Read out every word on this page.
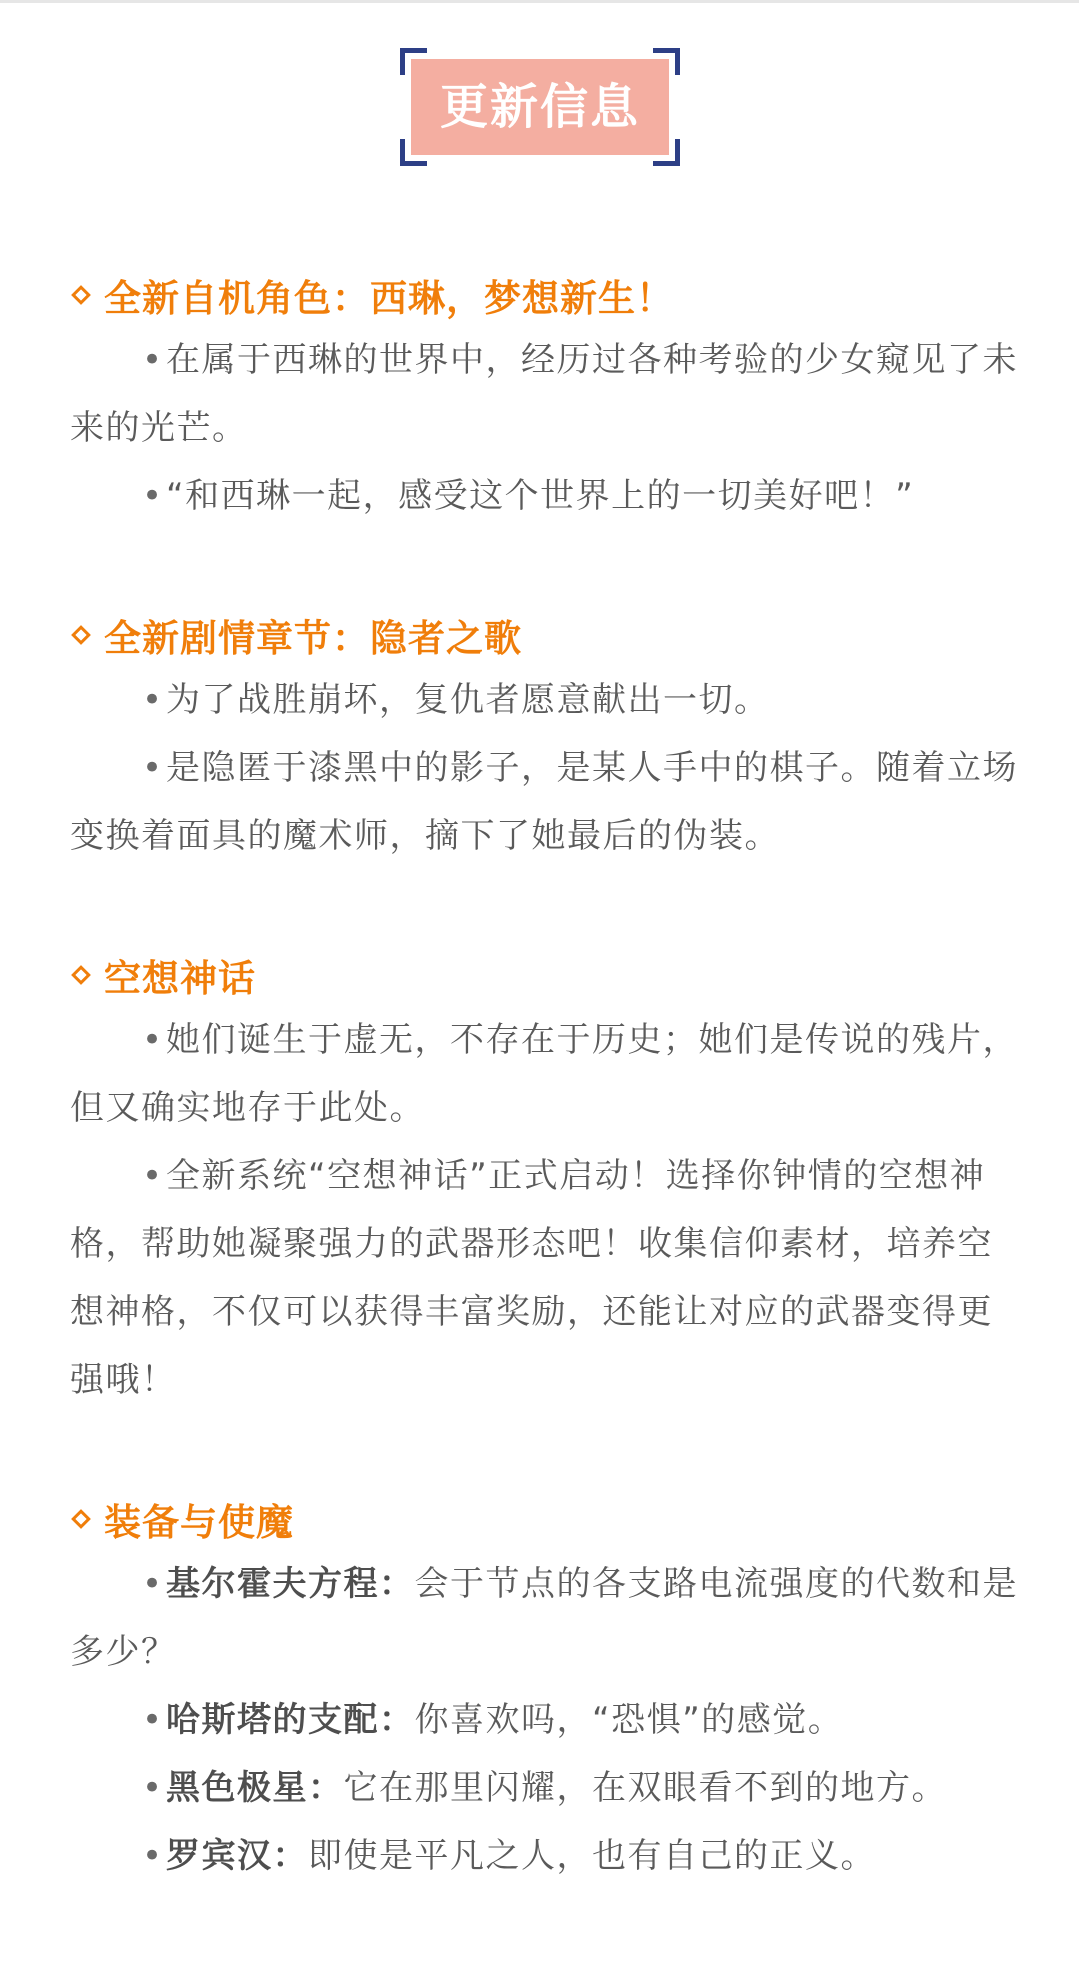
更新信息
全新自机角色：西琳，梦想新生！
•在属于西琳的世界中，经历过各种考验的少女窥见了未来的光芒。
•“和西琳一起，感受这个世界上的一切美好吧！”
全新剧情章节：隐者之歌
•为了战胜崩坏，复仇者愿意献出一切。
•是隐匿于漆黑中的影子，是某人手中的棋子。随着立场变换着面具的魔术师，摘下了她最后的伪装。
空想神话
•她们诞生于虚无，不存在于历史；她们是传说的残片，但又确实地存于此处。
•全新系统“空想神话”正式启动！选择你钟情的空想神格，帮助她凝聚强力的武器形态吧！收集信仰素材，培养空想神格，不仅可以获得丰富奖励，还能让对应的武器变得更强哦！
装备与使魔
•基尔霍夫方程：会于节点的各支路电流强度的代数和是多少？
•哈斯塔的支配：你喜欢吗，“恐惧”的感觉。
•黑色极星：它在那里闪耀，在双眼看不到的地方。
•罗宾汉：即使是平凡之人，也有自己的正义。
